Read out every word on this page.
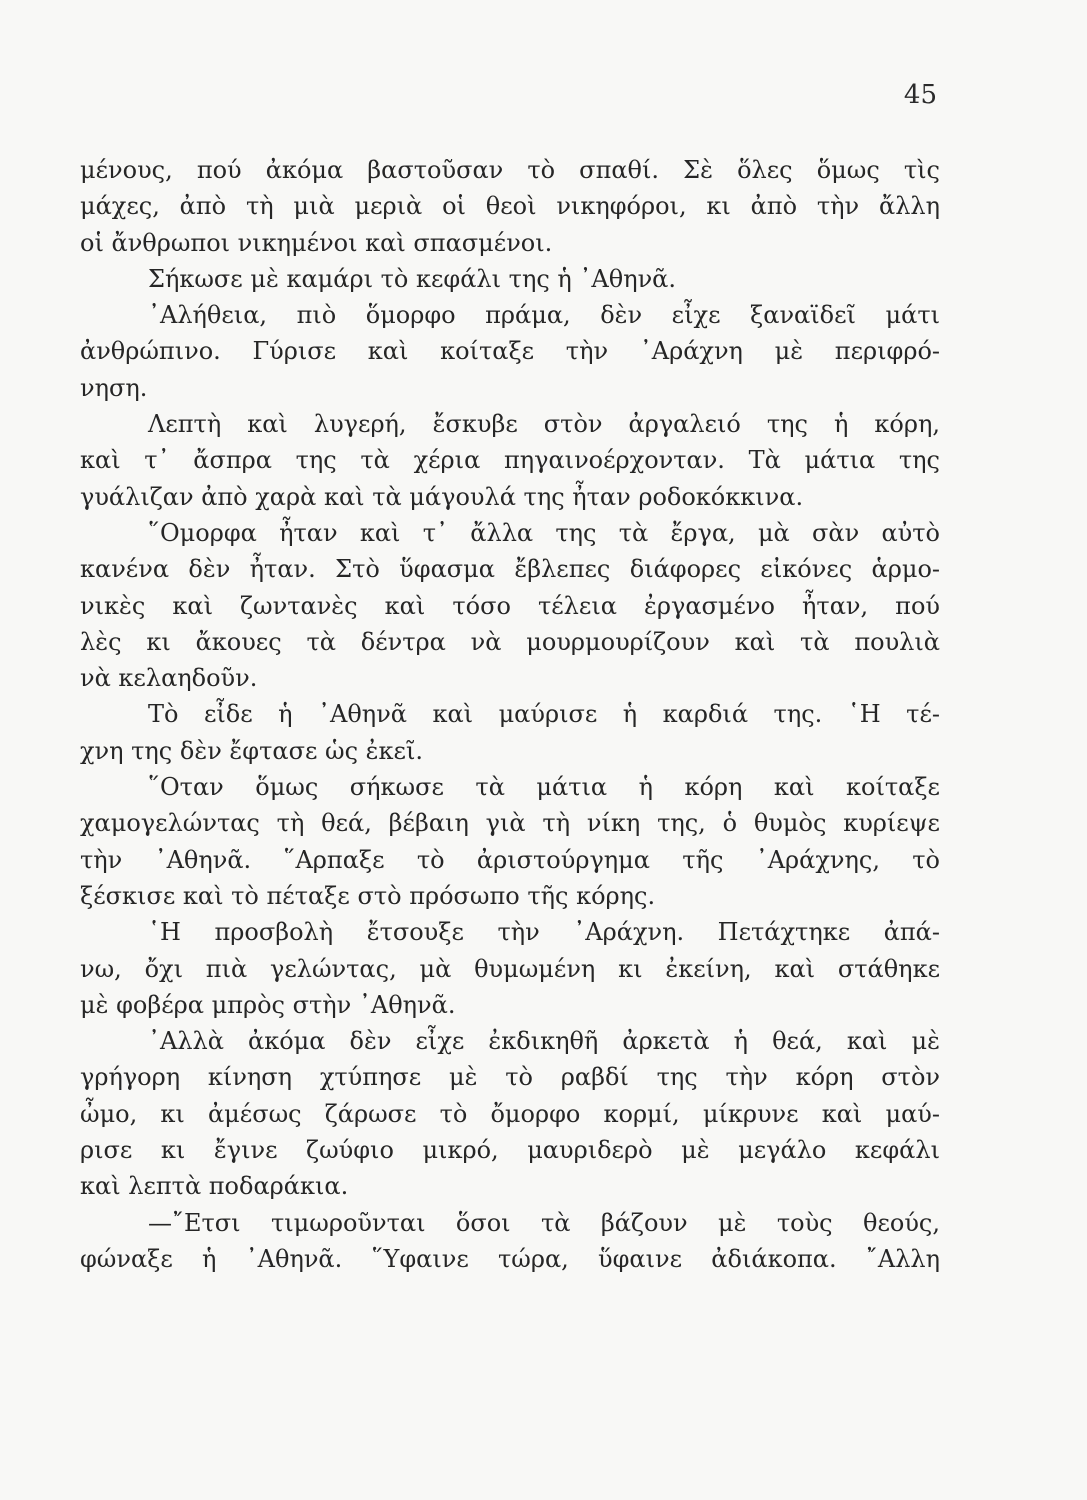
45
μένους, πού ἀκόμα βαστοῦσαν τὸ σπαθί. Σὲ ὅλες ὅμως τὶς
μάχες, ἀπὸ τὴ μιὰ μεριὰ οἱ θεοὶ νικηφόροι, κι ἀπὸ τὴν ἄλλη
οἱ ἄνθρωποι νικημένοι καὶ σπασμένοι.
Σήκωσε μὲ καμάρι τὸ κεφάλι της ἡ ᾿Αθηνᾶ.
᾿Αλήθεια, πιὸ ὅμορφο πράμα, δὲν εἶχε ξαναϊδεῖ μάτι
ἀνθρώπινο. Γύρισε καὶ κοίταξε τὴν ᾿Αράχνη μὲ περιφρό-
νηση.
Λεπτὴ καὶ λυγερή, ἔσκυβε στὸν ἀργαλειό της ἡ κόρη,
καὶ τ᾿ ἄσπρα της τὰ χέρια πηγαινοέρχονταν. Τὰ μάτια της
γυάλιζαν ἀπὸ χαρὰ καὶ τὰ μάγουλά της ἦταν ροδοκόκκινα.
῞Ομορφα ἦταν καὶ τ᾿ ἄλλα της τὰ ἔργα, μὰ σὰν αὐτὸ
κανένα δὲν ἦταν. Στὸ ὕφασμα ἔβλεπες διάφορες εἰκόνες ἁρμο-
νικὲς καὶ ζωντανὲς καὶ τόσο τέλεια ἐργασμένο ἦταν, πού
λὲς κι ἄκουες τὰ δέντρα νὰ μουρμουρίζουν καὶ τὰ πουλιὰ
νὰ κελαηδοῦν.
Τὸ εἶδε ἡ ᾿Αθηνᾶ καὶ μαύρισε ἡ καρδιά της. ῾Η τέ-
χνη της δὲν ἔφτασε ὡς ἐκεῖ.
῞Οταν ὅμως σήκωσε τὰ μάτια ἡ κόρη καὶ κοίταξε
χαμογελώντας τὴ θεά, βέβαιη γιὰ τὴ νίκη της, ὁ θυμὸς κυρίεψε
τὴν ᾿Αθηνᾶ. ῞Αρπαξε τὸ ἀριστούργημα τῆς ᾿Αράχνης, τὸ
ξέσκισε καὶ τὸ πέταξε στὸ πρόσωπο τῆς κόρης.
῾Η προσβολὴ ἔτσουξε τὴν ᾿Αράχνη. Πετάχτηκε ἀπά-
νω, ὄχι πιὰ γελώντας, μὰ θυμωμένη κι ἐκείνη, καὶ στάθηκε
μὲ φοβέρα μπρὸς στὴν ᾿Αθηνᾶ.
᾿Αλλὰ ἀκόμα δὲν εἶχε ἐκδικηθῆ ἀρκετὰ ἡ θεά, καὶ μὲ
γρήγορη κίνηση χτύπησε μὲ τὸ ραβδί της τὴν κόρη στὸν
ὦμο, κι ἀμέσως ζάρωσε τὸ ὄμορφο κορμί, μίκρυνε καὶ μαύ-
ρισε κι ἔγινε ζωύφιο μικρό, μαυριδερὸ μὲ μεγάλο κεφάλι
καὶ λεπτὰ ποδαράκια.
—῎Ετσι τιμωροῦνται ὅσοι τὰ βάζουν μὲ τοὺς θεούς,
φώναξε ἡ ᾿Αθηνᾶ. ῞Υφαινε τώρα, ὕφαινε ἀδιάκοπα. ῎Αλλη
